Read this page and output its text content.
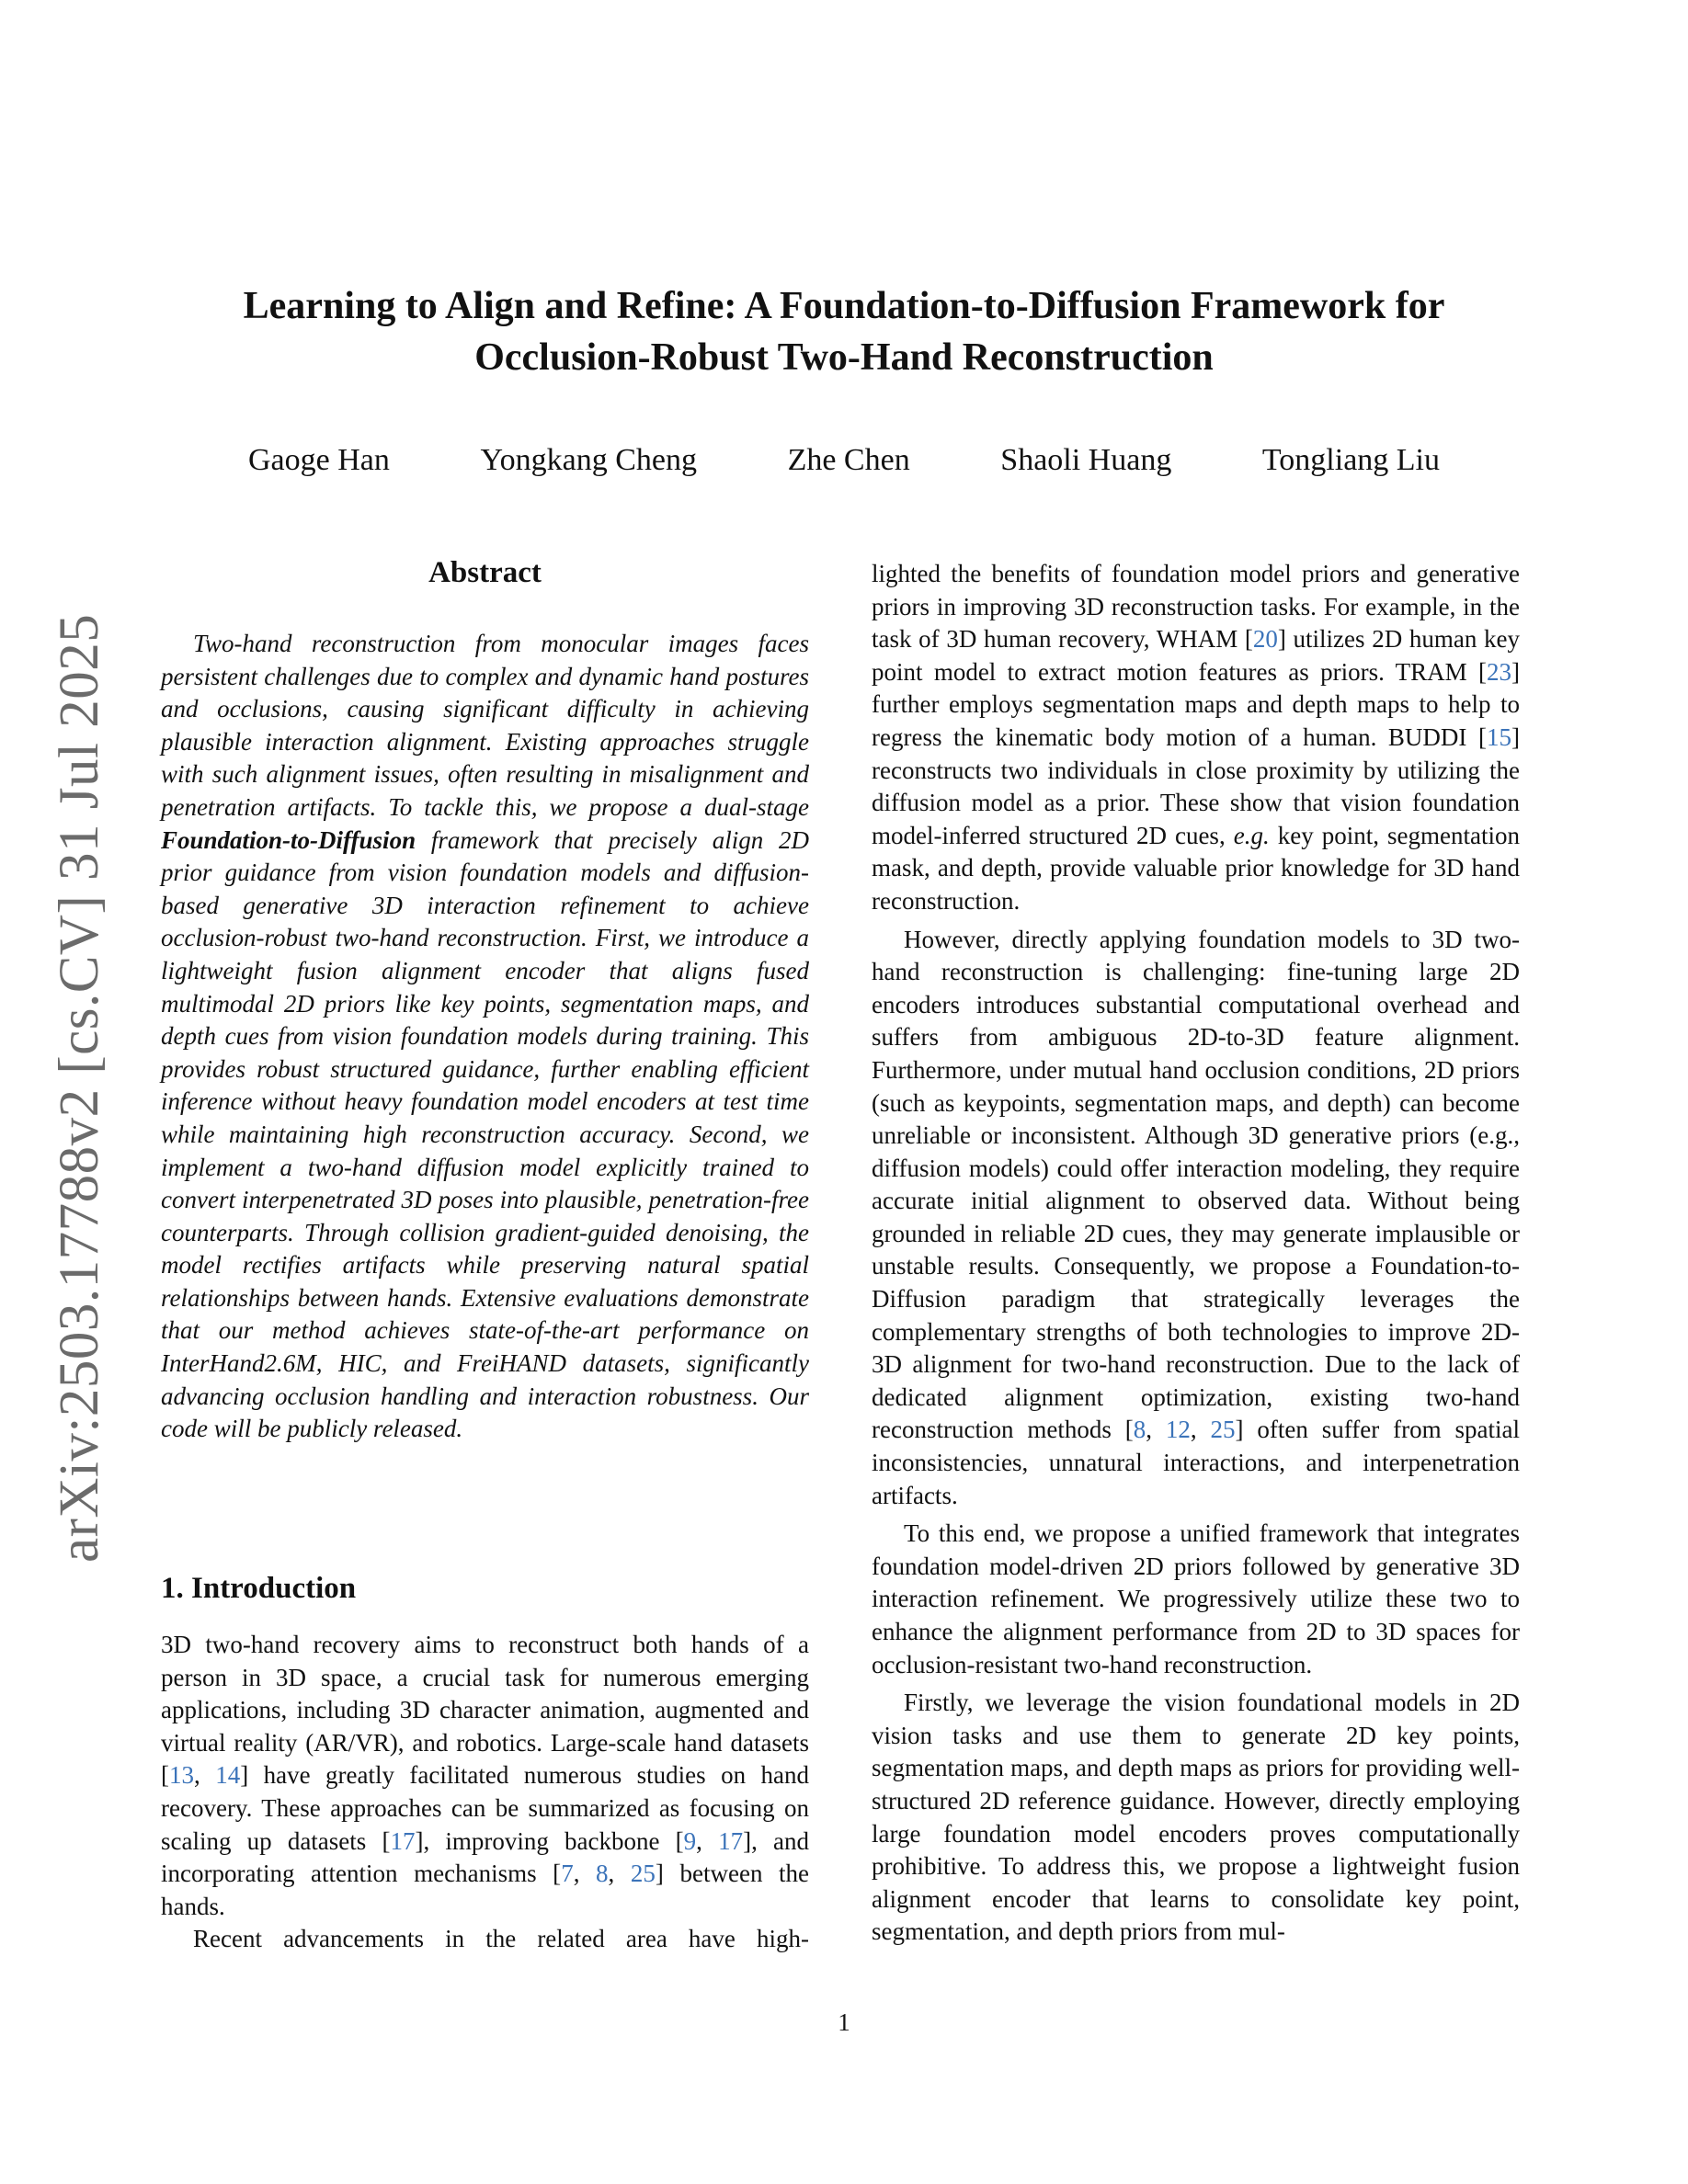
Learning to Align and Refine: A Foundation-to-Diffusion Framework for
Occlusion-Robust Two-Hand Reconstruction
Gaoge Han	Yongkang Cheng	Zhe Chen	Shaoli Huang	Tongliang Liu
arXiv:2503.17788v2 [cs.CV] 31 Jul 2025
Abstract

Two-hand reconstruction from monocular images faces persistent challenges due to complex and dynamic hand postures and occlusions, causing significant difficulty in achieving plausible interaction alignment. Existing approaches struggle with such alignment issues, often resulting in misalignment and penetration artifacts. To tackle this, we propose a dual-stage Foundation-to-Diffusion framework that precisely align 2D prior guidance from vision foundation models and diffusion-based generative 3D interaction refinement to achieve occlusion-robust two-hand reconstruction. First, we introduce a lightweight fusion alignment encoder that aligns fused multimodal 2D priors like key points, segmentation maps, and depth cues from vision foundation models during training. This provides robust structured guidance, further enabling efficient inference without heavy foundation model encoders at test time while maintaining high reconstruction accuracy. Second, we implement a two-hand diffusion model explicitly trained to convert interpenetrated 3D poses into plausible, penetration-free counterparts. Through collision gradient-guided denoising, the model rectifies artifacts while preserving natural spatial relationships between hands. Extensive evaluations demonstrate that our method achieves state-of-the-art performance on InterHand2.6M, HIC, and FreiHAND datasets, significantly advancing occlusion handling and interaction robustness. Our code will be publicly released.

1. Introduction

3D two-hand recovery aims to reconstruct both hands of a person in 3D space, a crucial task for numerous emerging applications, including 3D character animation, augmented and virtual reality (AR/VR), and robotics. Large-scale hand datasets [13, 14] have greatly facilitated numerous studies on hand recovery. These approaches can be summarized as focusing on scaling up datasets [17], improving backbone [9, 17], and incorporating attention mechanisms [7, 8, 25] between the hands.

Recent advancements in the related area have high-

lighted the benefits of foundation model priors and generative priors in improving 3D reconstruction tasks. For example, in the task of 3D human recovery, WHAM [20] utilizes 2D human key point model to extract motion features as priors. TRAM [23] further employs segmentation maps and depth maps to help to regress the kinematic body motion of a human. BUDDI [15] reconstructs two individuals in close proximity by utilizing the diffusion model as a prior. These show that vision foundation model-inferred structured 2D cues, e.g. key point, segmentation mask, and depth, provide valuable prior knowledge for 3D hand reconstruction.

However, directly applying foundation models to 3D two-hand reconstruction is challenging: fine-tuning large 2D encoders introduces substantial computational overhead and suffers from ambiguous 2D-to-3D feature alignment. Furthermore, under mutual hand occlusion conditions, 2D priors (such as keypoints, segmentation maps, and depth) can become unreliable or inconsistent. Although 3D generative priors (e.g., diffusion models) could offer interaction modeling, they require accurate initial alignment to observed data. Without being grounded in reliable 2D cues, they may generate implausible or unstable results. Consequently, we propose a Foundation-to-Diffusion paradigm that strategically leverages the complementary strengths of both technologies to improve 2D-3D alignment for two-hand reconstruction. Due to the lack of dedicated alignment optimization, existing two-hand reconstruction methods [8, 12, 25] often suffer from spatial inconsistencies, unnatural interactions, and interpenetration artifacts.

To this end, we propose a unified framework that integrates foundation model-driven 2D priors followed by generative 3D interaction refinement. We progressively utilize these two to enhance the alignment performance from 2D to 3D spaces for occlusion-resistant two-hand reconstruction.

Firstly, we leverage the vision foundational models in 2D vision tasks and use them to generate 2D key points, segmentation maps, and depth maps as priors for providing well-structured 2D reference guidance. However, directly employing large foundation model encoders proves computationally prohibitive. To address this, we propose a lightweight fusion alignment encoder that learns to consolidate key point, segmentation, and depth priors from mul-

1
